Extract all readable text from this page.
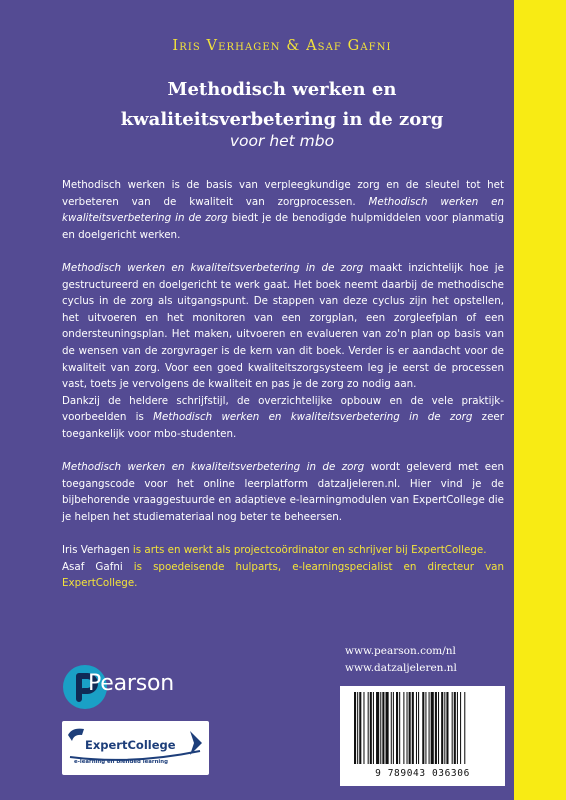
Iris Verhagen & Asaf Gafni
Methodisch werken en
kwaliteitsverbetering in de zorg
voor het mbo

Methodisch werken is de basis van verpleegkundige zorg en de sleutel tot het verbeteren van de kwaliteit van zorgprocessen. Methodisch werken en kwaliteitsverbetering in de zorg biedt je de benodigde hulpmiddelen voor planmatig en doelgericht werken.

Methodisch werken en kwaliteitsverbetering in de zorg maakt inzichtelijk hoe je gestructureerd en doelgericht te werk gaat. Het boek neemt daarbij de methodische cyclus in de zorg als uitgangspunt. De stappen van deze cyclus zijn het opstellen, het uitvoeren en het monitoren van een zorgplan, een zorgleefplan of een ondersteuningsplan. Het maken, uitvoeren en evalueren van zo'n plan op basis van de wensen van de zorgvrager is de kern van dit boek. Verder is er aandacht voor de kwaliteit van zorg. Voor een goed kwaliteitszorgsysteem leg je eerst de processen vast, toets je vervolgens de kwaliteit en pas je de zorg zo nodig aan.

Dankzij de heldere schrijfstijl, de overzichtelijke opbouw en de vele praktijkvoorbeelden is Methodisch werken en kwaliteitsverbetering in de zorg zeer toegankelijk voor mbo-studenten.

Methodisch werken en kwaliteitsverbetering in de zorg wordt geleverd met een toegangscode voor het online leerplatform datzaljeleren.nl. Hier vind je de bijbehorende vraaggestuurde en adaptieve e-learningmodulen van ExpertCollege die je helpen het studiemateriaal nog beter te beheersen.

Iris Verhagen is arts en werkt als projectcoördinator en schrijver bij ExpertCollege.

Asaf Gafni is spoedeisende hulparts, e-learningspecialist en directeur van ExpertCollege.

www.pearson.com/nl
www.datzaljeleren.nl
Pearson
ExpertCollege
e-learning en blended learning
9 789043 036306
